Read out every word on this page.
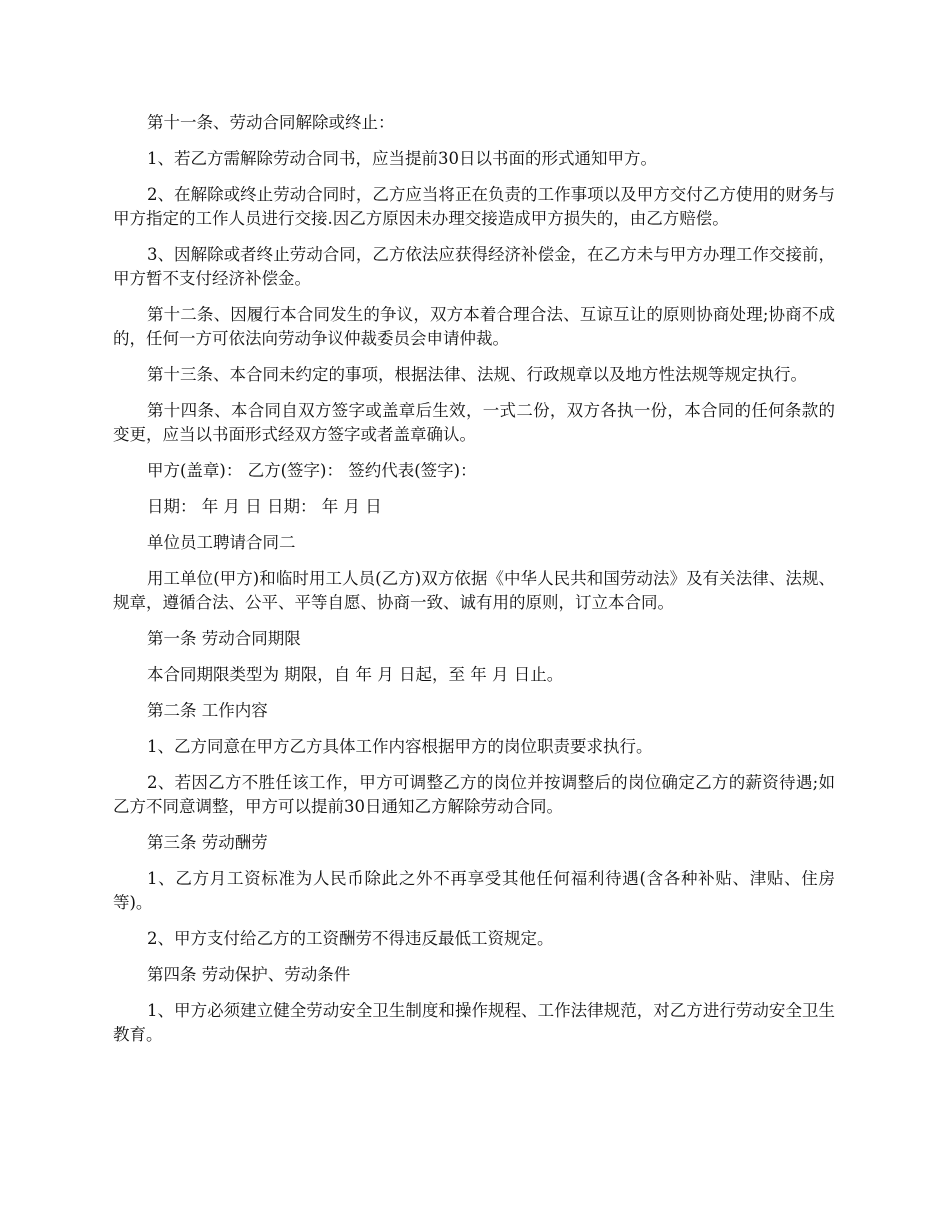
第十一条、劳动合同解除或终止：

1、若乙方需解除劳动合同书，应当提前30日以书面的形式通知甲方。

2、在解除或终止劳动合同时，乙方应当将正在负责的工作事项以及甲方交付乙方使用的财务与甲方指定的工作人员进行交接.因乙方原因未办理交接造成甲方损失的，由乙方赔偿。

3、因解除或者终止劳动合同，乙方依法应获得经济补偿金，在乙方未与甲方办理工作交接前，甲方暂不支付经济补偿金。

第十二条、因履行本合同发生的争议，双方本着合理合法、互谅互让的原则协商处理;协商不成的，任何一方可依法向劳动争议仲裁委员会申请仲裁。

第十三条、本合同未约定的事项，根据法律、法规、行政规章以及地方性法规等规定执行。

第十四条、本合同自双方签字或盖章后生效，一式二份，双方各执一份，本合同的任何条款的变更，应当以书面形式经双方签字或者盖章确认。

甲方(盖章)： 乙方(签字)： 签约代表(签字)：

日期： 年 月 日 日期： 年 月 日

单位员工聘请合同二

用工单位(甲方)和临时用工人员(乙方)双方依据《中华人民共和国劳动法》及有关法律、法规、规章，遵循合法、公平、平等自愿、协商一致、诚有用的原则，订立本合同。

第一条 劳动合同期限

本合同期限类型为 期限，自 年 月 日起，至 年 月 日止。

第二条 工作内容

1、乙方同意在甲方乙方具体工作内容根据甲方的岗位职责要求执行。

2、若因乙方不胜任该工作，甲方可调整乙方的岗位并按调整后的岗位确定乙方的薪资待遇;如乙方不同意调整，甲方可以提前30日通知乙方解除劳动合同。

第三条 劳动酬劳

1、乙方月工资标准为人民币除此之外不再享受其他任何福利待遇(含各种补贴、津贴、住房等)。

2、甲方支付给乙方的工资酬劳不得违反最低工资规定。

第四条 劳动保护、劳动条件

1、甲方必须建立健全劳动安全卫生制度和操作规程、工作法律规范，对乙方进行劳动安全卫生教育。
